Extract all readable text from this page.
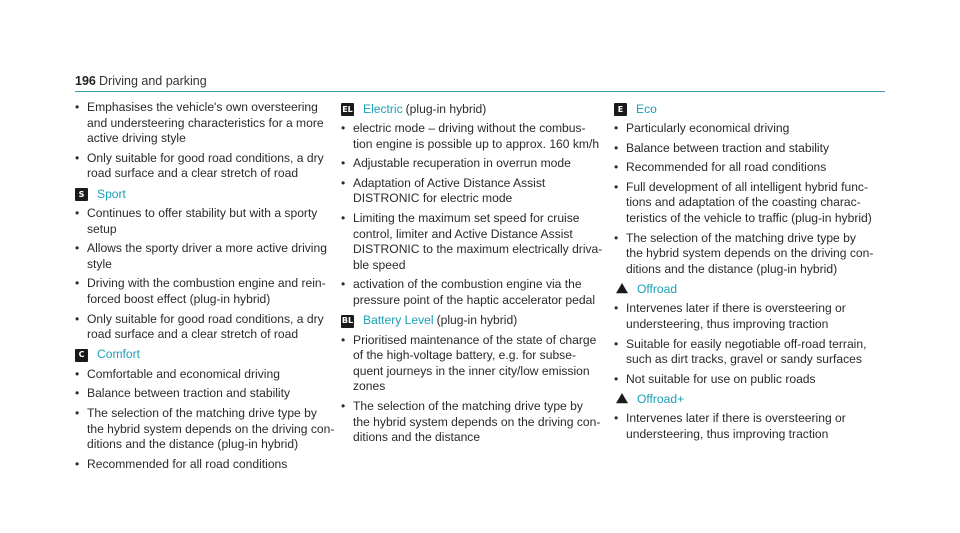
196 Driving and parking
• Emphasises the vehicle's own oversteering and understeering characteristics for a more active driving style
• Only suitable for good road conditions, a dry road surface and a clear stretch of road
S Sport
• Continues to offer stability but with a sporty setup
• Allows the sporty driver a more active driving style
• Driving with the combustion engine and rein-forced boost effect (plug-in hybrid)
• Only suitable for good road conditions, a dry road surface and a clear stretch of road
C Comfort
• Comfortable and economical driving
• Balance between traction and stability
• The selection of the matching drive type by the hybrid system depends on the driving con-ditions and the distance (plug-in hybrid)
• Recommended for all road conditions
EL Electric (plug-in hybrid)
• electric mode – driving without the combus-tion engine is possible up to approx. 160 km/h
• Adjustable recuperation in overrun mode
• Adaptation of Active Distance Assist DISTRONIC for electric mode
• Limiting the maximum set speed for cruise control, limiter and Active Distance Assist DISTRONIC to the maximum electrically driva-ble speed
• activation of the combustion engine via the pressure point of the haptic accelerator pedal
BL Battery Level (plug-in hybrid)
• Prioritised maintenance of the state of charge of the high-voltage battery, e.g. for subse-quent journeys in the inner city/low emission zones
• The selection of the matching drive type by the hybrid system depends on the driving con-ditions and the distance
E	Eco
• Particularly economical driving
• Balance between traction and stability
• Recommended for all road conditions
• Full development of all intelligent hybrid func-tions and adaptation of the coasting charac-teristics of the vehicle to traffic (plug-in hybrid)
• The selection of the matching drive type by the hybrid system depends on the driving con-ditions and the distance (plug-in hybrid)
⛰ Offroad
• Intervenes later if there is oversteering or understeering, thus improving traction
• Suitable for easily negotiable off-road terrain, such as dirt tracks, gravel or sandy surfaces
• Not suitable for use on public roads
⛰ Offroad+
• Intervenes later if there is oversteering or understeering, thus improving traction
